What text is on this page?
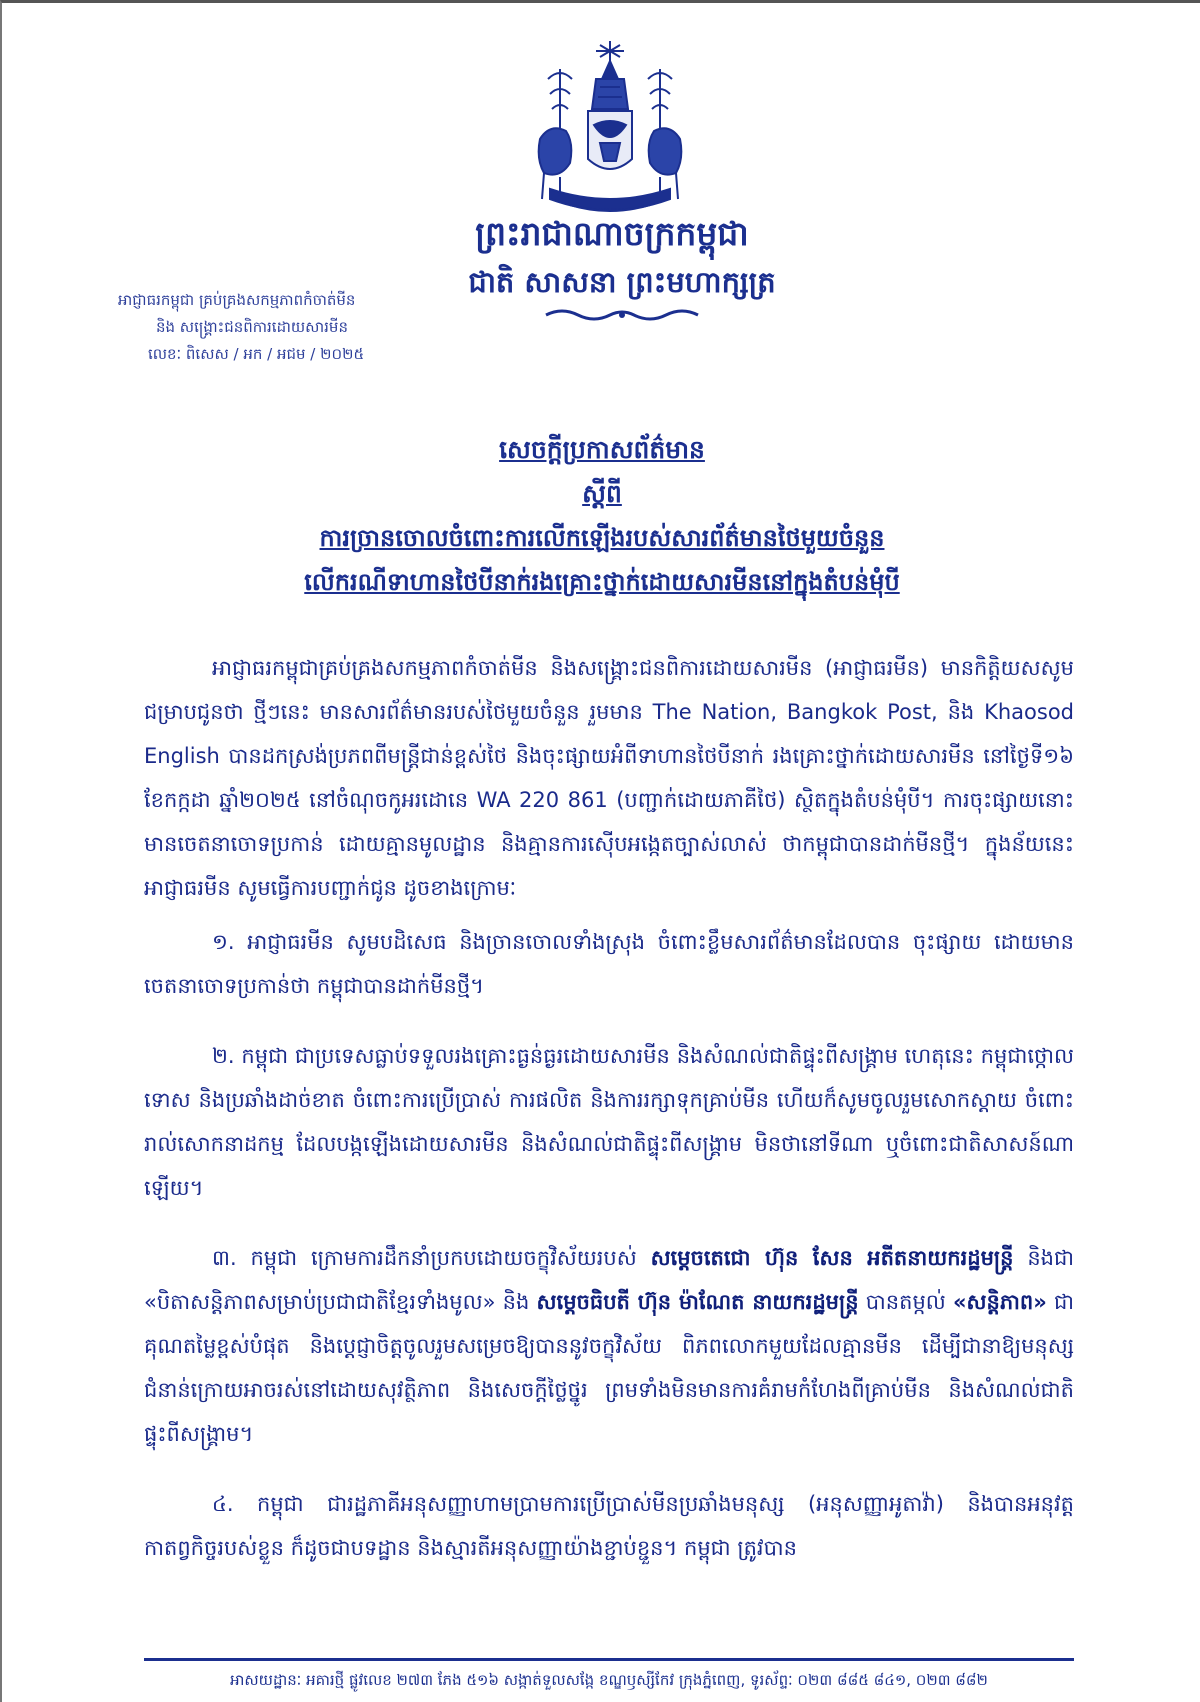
ព្រះរាជាណាចក្រកម្ពុជា
ជាតិ សាសនា ព្រះមហាក្សត្រ
អាជ្ញាធរកម្ពុជា គ្រប់គ្រងសកម្មភាពកំចាត់មីន
និង សង្គ្រោះជនពិការដោយសារមីន
លេខៈ ពិសេស / អក / អជម / ២០២៥
សេចក្តីប្រកាសព័ត៌មាន
ស្តីពី
ការច្រានចោលចំពោះការលើកឡើងរបស់សារព័ត៌មានថៃមួយចំនួន
លើករណីទាហានថៃបីនាក់រងគ្រោះថ្នាក់ដោយសារមីននៅក្នុងតំបន់មុំបី

អាជ្ញាធរកម្ពុជាគ្រប់គ្រងសកម្មភាពកំចាត់មីន និងសង្គ្រោះជនពិការដោយសារមីន (អាជ្ញាធរមីន) មានកិត្តិយសសូមជម្រាបជូនថា ថ្មីៗនេះ មានសារព័ត៌មានរបស់ថៃមួយចំនួន រួមមាន The Nation, Bangkok Post, និង Khaosod English បានដកស្រង់ប្រភពពីមន្ត្រីជាន់ខ្ពស់ថៃ និងចុះផ្សាយអំពីទាហានថៃបីនាក់ រងគ្រោះថ្នាក់ដោយសារមីន នៅថ្ងៃទី១៦ ខែកក្កដា ឆ្នាំ២០២៥ នៅចំណុចកូអរដោនេ WA 220 861 (បញ្ជាក់ដោយភាគីថៃ) ស្ថិតក្នុងតំបន់មុំបី។ ការចុះផ្សាយនោះ មានចេតនាចោទប្រកាន់ ដោយគ្មានមូលដ្ឋាន និងគ្មានការស៊ើបអង្កេតច្បាស់លាស់ ថាកម្ពុជាបានដាក់មីនថ្មី។ ក្នុងន័យនេះ អាជ្ញាធរមីន សូមធ្វើការបញ្ជាក់ជូន ដូចខាងក្រោមៈ

១. អាជ្ញាធរមីន សូមបដិសេធ និងច្រានចោលទាំងស្រុង ចំពោះខ្លឹមសារព័ត៌មានដែលបាន ចុះផ្សាយ ដោយមានចេតនាចោទប្រកាន់ថា កម្ពុជាបានដាក់មីនថ្មី។

២. កម្ពុជា ជាប្រទេសធ្លាប់ទទួលរងគ្រោះធ្ងន់ធ្ងរដោយសារមីន និងសំណល់ជាតិផ្ទុះពីសង្គ្រាម ហេតុនេះ កម្ពុជាថ្កោលទោស និងប្រឆាំងដាច់ខាត ចំពោះការប្រើប្រាស់ ការផលិត និងការរក្សាទុកគ្រាប់មីន ហើយក៏សូមចូលរួមសោកស្តាយ ចំពោះរាល់សោកនាដកម្ម ដែលបង្កឡើងដោយសារមីន និងសំណល់ជាតិផ្ទុះពីសង្គ្រាម មិនថានៅទីណា ឬចំពោះជាតិសាសន៍ណាឡើយ។

៣. កម្ពុជា ក្រោមការដឹកនាំប្រកបដោយចក្ខុវិស័យរបស់ សម្តេចតេជោ ហ៊ុន សែន អតីតនាយករដ្ឋមន្ត្រី និងជា «បិតាសន្តិភាពសម្រាប់ប្រជាជាតិខ្មែរទាំងមូល» និង សម្តេចធិបតី ហ៊ុន ម៉ាណែត នាយករដ្ឋមន្ត្រី បានតម្កល់ «សន្តិភាព» ជាគុណតម្លៃខ្ពស់បំផុត និងប្តេជ្ញាចិត្តចូលរួមសម្រេចឱ្យបាននូវចក្ខុវិស័យ ពិភពលោកមួយដែលគ្មានមីន ដើម្បីជានាឱ្យមនុស្សជំនាន់ក្រោយអាចរស់នៅដោយសុវត្ថិភាព និងសេចក្តីថ្លៃថ្នូរ ព្រមទាំងមិនមានការគំរាមកំហែងពីគ្រាប់មីន និងសំណល់ជាតិផ្ទុះពីសង្គ្រាម។

៤. កម្ពុជា ជារដ្ឋភាគីអនុសញ្ញាហាមប្រាមការប្រើប្រាស់មីនប្រឆាំងមនុស្ស (អនុសញ្ញាអូតាវ៉ា) និងបានអនុវត្តកាតព្វកិច្ចរបស់ខ្លួន ក៏ដូចជាបទដ្ឋាន និងស្មារតីអនុសញ្ញាយ៉ាងខ្ជាប់ខ្ជួន។ កម្ពុជា ត្រូវបាន

អាសយដ្ឋានៈ អគារថ្មី ផ្លូវលេខ ២៧៣ ភែង ៥១៦ សង្កាត់ទួលសង្កែ ខណ្ឌឫស្សីកែវ ក្រុងភ្នំពេញ, ទូរស័ព្ទៈ ០២៣ ៨៨៥ ៨៤១, ០២៣ ៨៨២
